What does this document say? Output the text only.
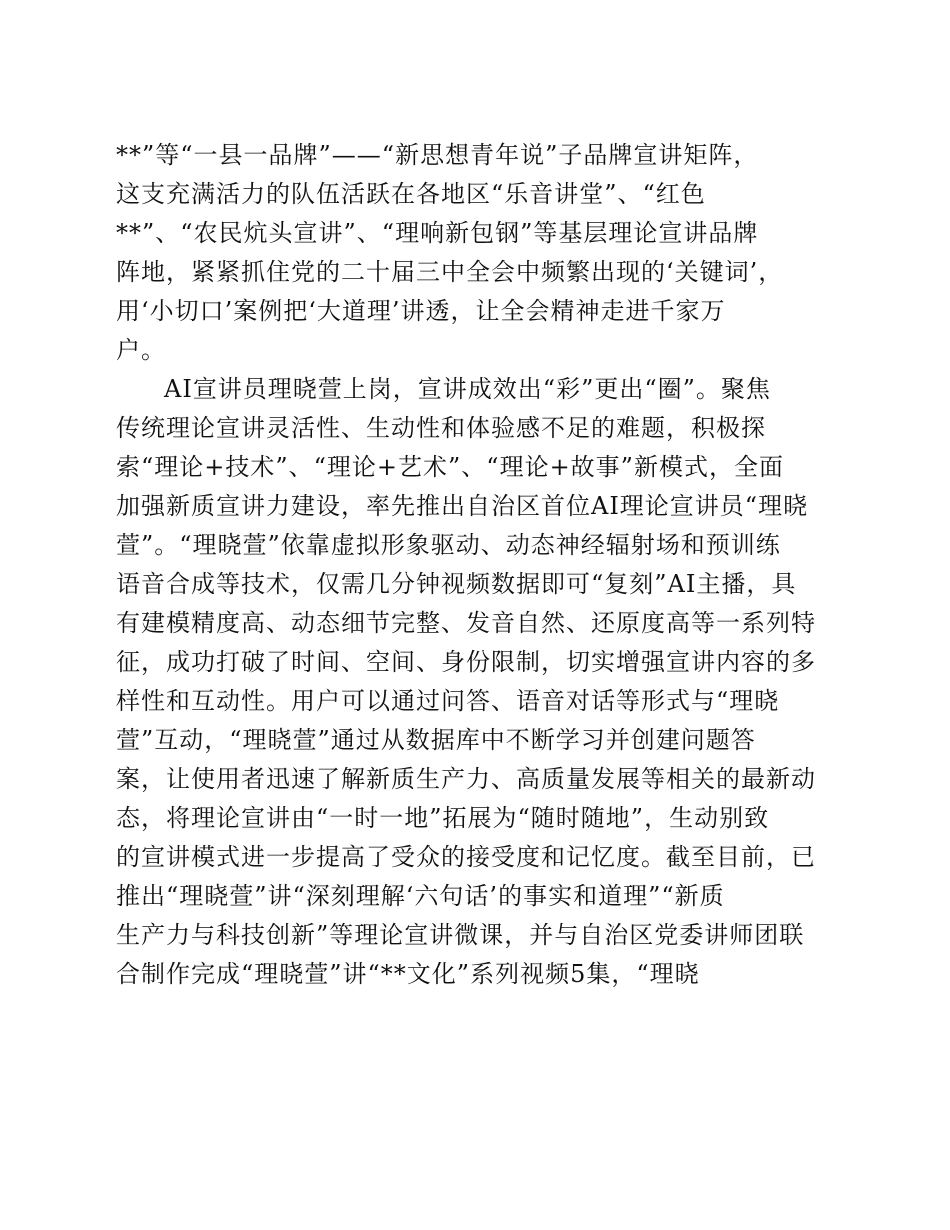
**”等“一县一品牌”——“新思想青年说”子品牌宣讲矩阵，
这支充满活力的队伍活跃在各地区“乐音讲堂”、“红色
**”、“农民炕头宣讲”、“理响新包钢”等基层理论宣讲品牌
阵地，紧紧抓住党的二十届三中全会中频繁出现的‘关键词’，
用‘小切口’案例把‘大道理’讲透，让全会精神走进千家万
户。
AI宣讲员理晓萱上岗，宣讲成效出“彩”更出“圈”。聚焦
传统理论宣讲灵活性、生动性和体验感不足的难题，积极探
索“理论+技术”、“理论+艺术”、“理论+故事”新模式，全面
加强新质宣讲力建设，率先推出自治区首位AI理论宣讲员“理晓
萱”。“理晓萱”依靠虚拟形象驱动、动态神经辐射场和预训练
语音合成等技术，仅需几分钟视频数据即可“复刻”AI主播，具
有建模精度高、动态细节完整、发音自然、还原度高等一系列特
征，成功打破了时间、空间、身份限制，切实增强宣讲内容的多
样性和互动性。用户可以通过问答、语音对话等形式与“理晓
萱”互动，“理晓萱”通过从数据库中不断学习并创建问题答
案，让使用者迅速了解新质生产力、高质量发展等相关的最新动
态，将理论宣讲由“一时一地”拓展为“随时随地”，生动别致
的宣讲模式进一步提高了受众的接受度和记忆度。截至目前，已
推出“理晓萱”讲“深刻理解‘六句话’的事实和道理”“新质
生产力与科技创新”等理论宣讲微课，并与自治区党委讲师团联
合制作完成“理晓萱”讲“**文化”系列视频5集，“理晓
